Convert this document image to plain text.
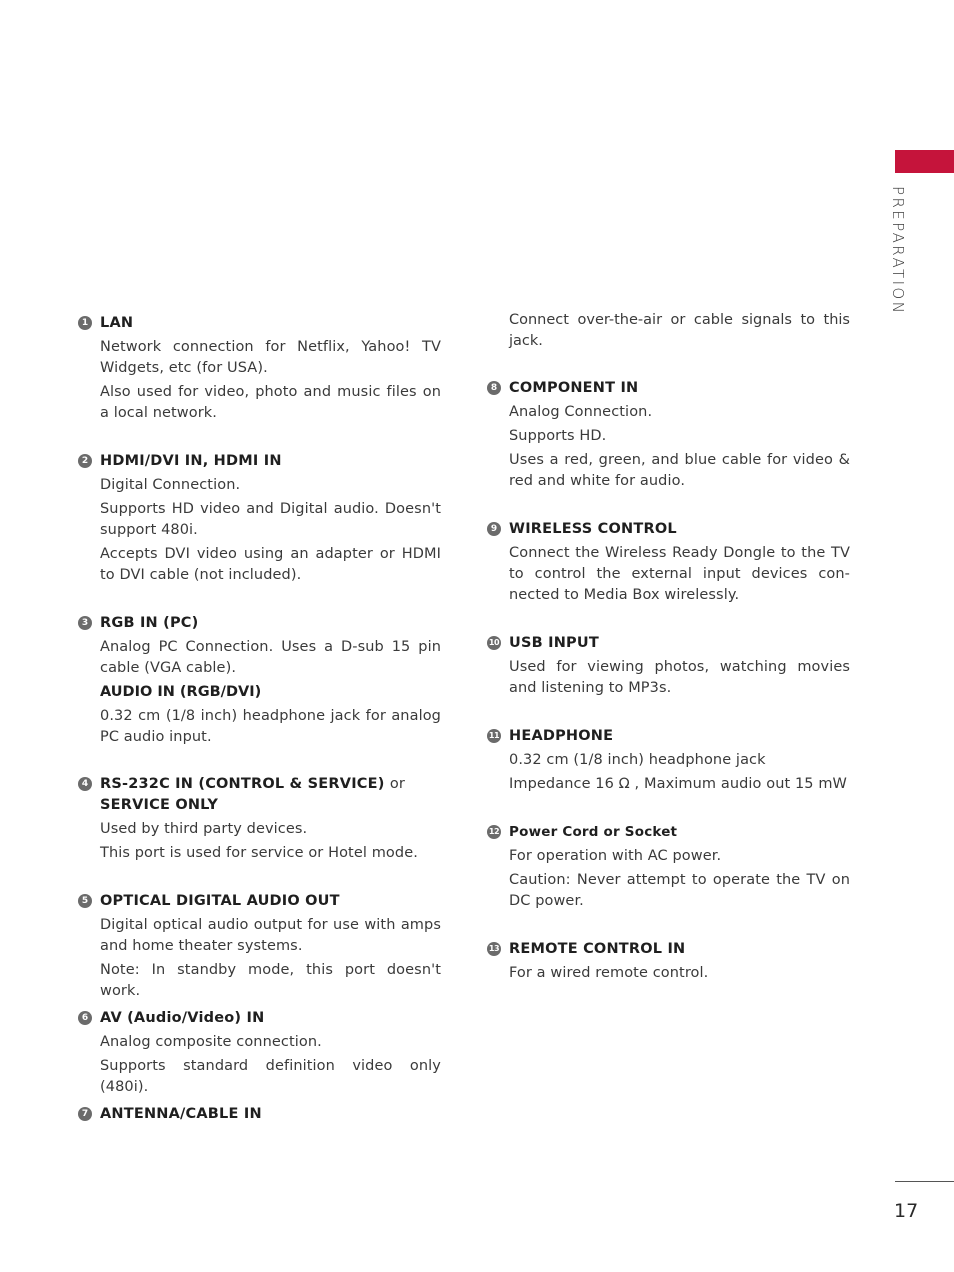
PREPARATION
1 LAN

Network connection for Netflix, Yahoo! TV Widgets, etc (for USA).

Also used for video, photo and music files on a local network.

2 HDMI/DVI IN, HDMI IN

Digital Connection.

Supports HD video and Digital audio. Doesn't support 480i.

Accepts DVI video using an adapter or HDMI to DVI cable (not included).

3 RGB IN (PC)

Analog PC Connection. Uses a D-sub 15 pin cable (VGA cable).

AUDIO IN (RGB/DVI)

0.32 cm (1/8 inch) headphone jack for analog PC audio input.

4 RS-232C IN (CONTROL & SERVICE) or
SERVICE ONLY

Used by third party devices.

This port is used for service or Hotel mode.

5 OPTICAL DIGITAL AUDIO OUT

Digital optical audio output for use with amps and home theater systems.

Note: In standby mode, this port doesn't work.

6 AV (Audio/Video) IN

Analog composite connection.

Supports standard definition video only (480i).

7 ANTENNA/CABLE IN

Connect over-the-air or cable signals to this jack.

8 COMPONENT IN

Analog Connection.

Supports HD.

Uses a red, green, and blue cable for video & red and white for audio.

9 WIRELESS CONTROL

Connect the Wireless Ready Dongle to the TV to control the external input devices con-nected to Media Box wirelessly.

10 USB INPUT

Used for viewing photos, watching movies and listening to MP3s.

11 HEADPHONE

0.32 cm (1/8 inch) headphone jack

Impedance 16 Ω , Maximum audio out 15 mW

12 Power Cord or Socket

For operation with AC power.

Caution: Never attempt to operate the TV on DC power.

13 REMOTE CONTROL IN

For a wired remote control.

17
